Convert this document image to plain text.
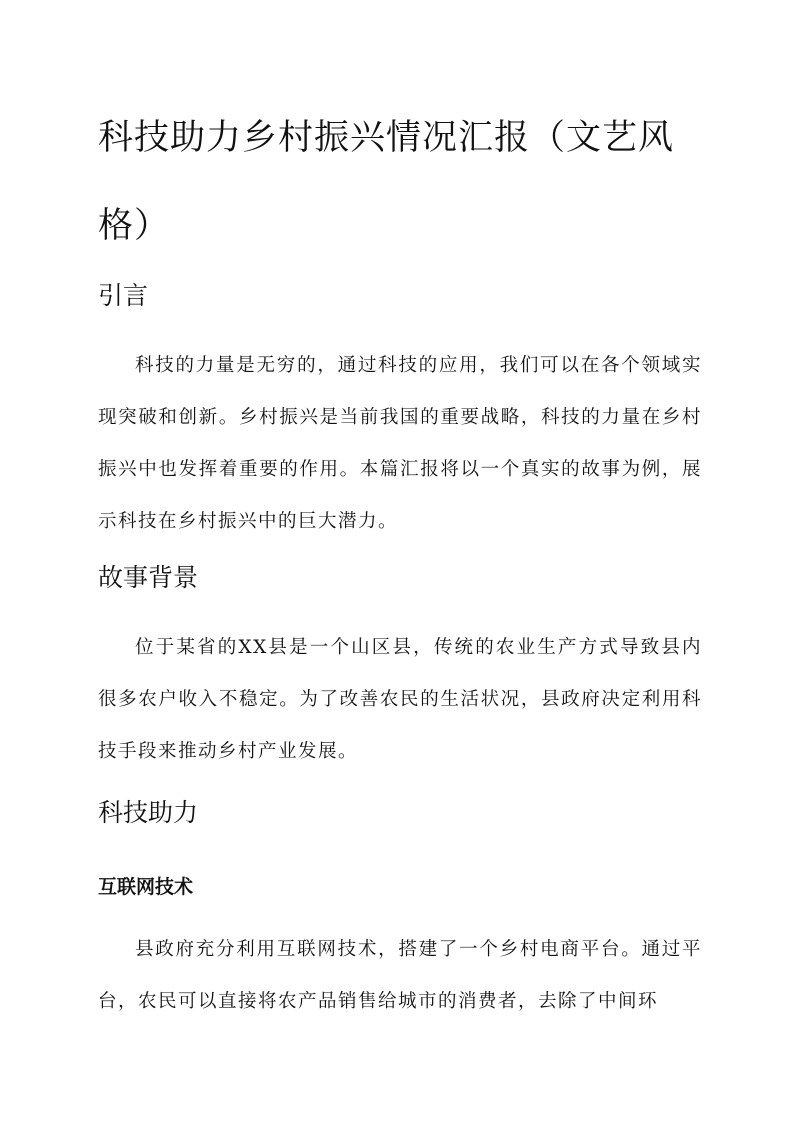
科技助力乡村振兴情况汇报（文艺风格）
引言

科技的力量是无穷的，通过科技的应用，我们可以在各个领域实现突破和创新。乡村振兴是当前我国的重要战略，科技的力量在乡村振兴中也发挥着重要的作用。本篇汇报将以一个真实的故事为例，展示科技在乡村振兴中的巨大潜力。

故事背景

位于某省的XX县是一个山区县，传统的农业生产方式导致县内很多农户收入不稳定。为了改善农民的生活状况，县政府决定利用科技手段来推动乡村产业发展。

科技助力
互联网技术

县政府充分利用互联网技术，搭建了一个乡村电商平台。通过平台，农民可以直接将农产品销售给城市的消费者，去除了中间环
